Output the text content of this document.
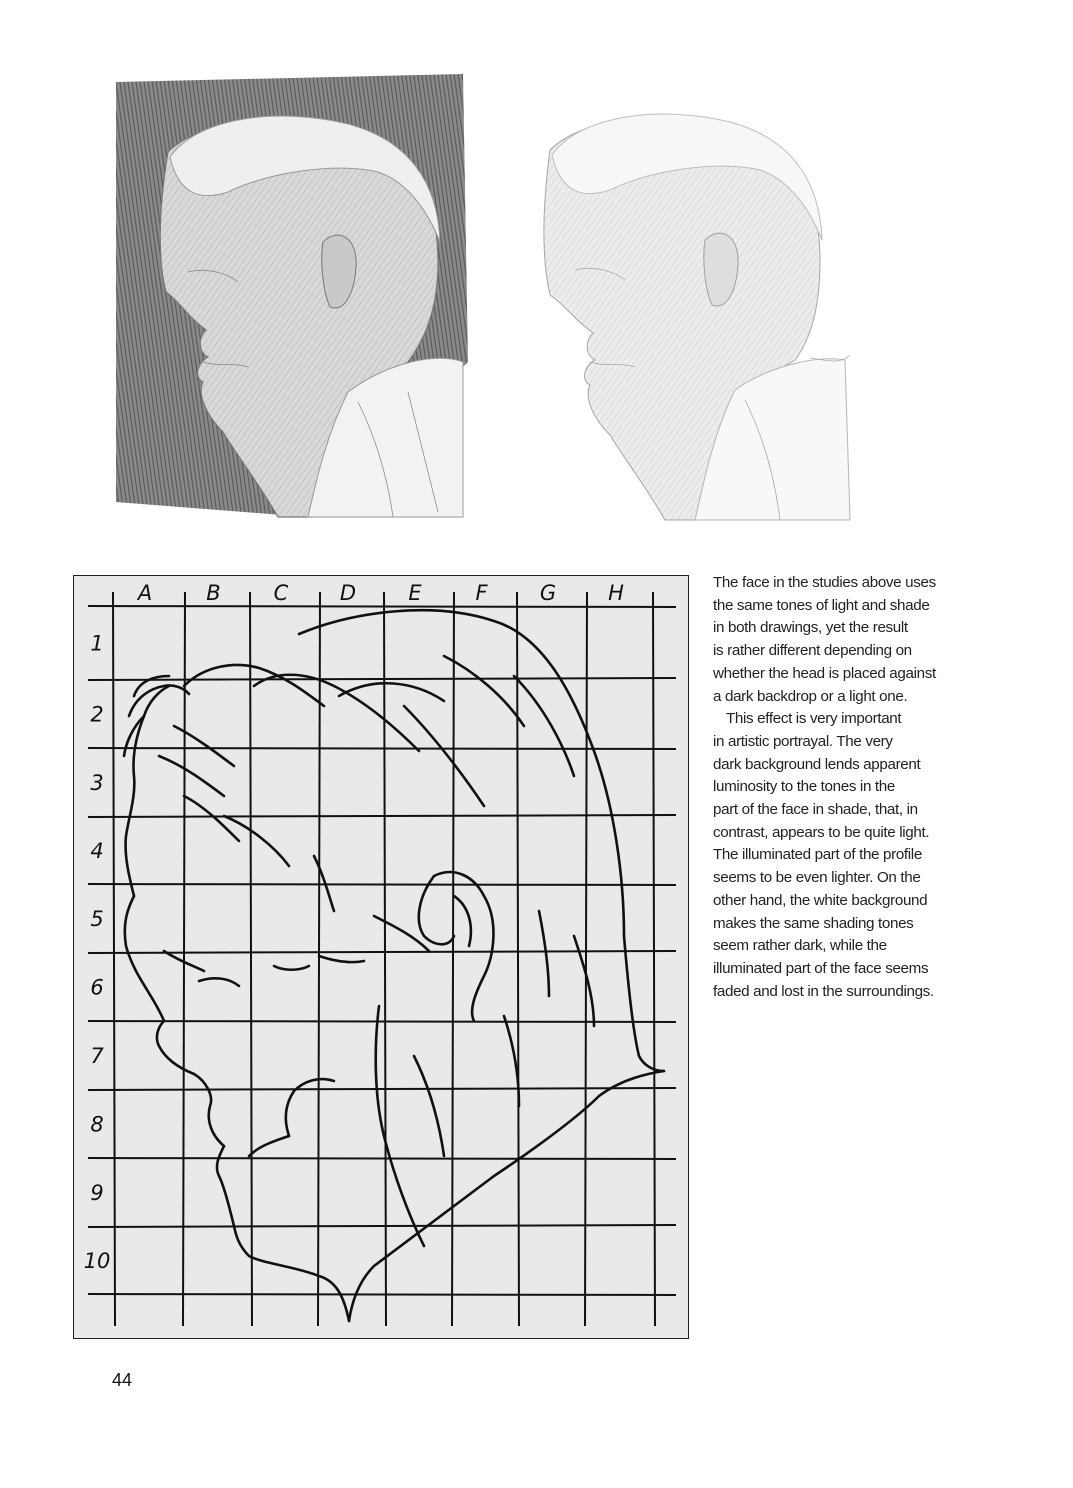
A	B	C D E	F G H
1
2
3
4
5
6
7
8
9
10

The face in the studies above uses
the same tones of light and shade
in both drawings, yet the result
is rather different depending on
whether the head is placed against
a dark backdrop or a light one.

This effect is very important
in artistic portrayal. The very
dark background lends apparent
luminosity to the tones in the
part of the face in shade, that, in
contrast, appears to be quite light.
The illuminated part of the profile
seems to be even lighter. On the
other hand, the white background
makes the same shading tones
seem rather dark, while the
illuminated part of the face seems
faded and lost in the surroundings.

44
